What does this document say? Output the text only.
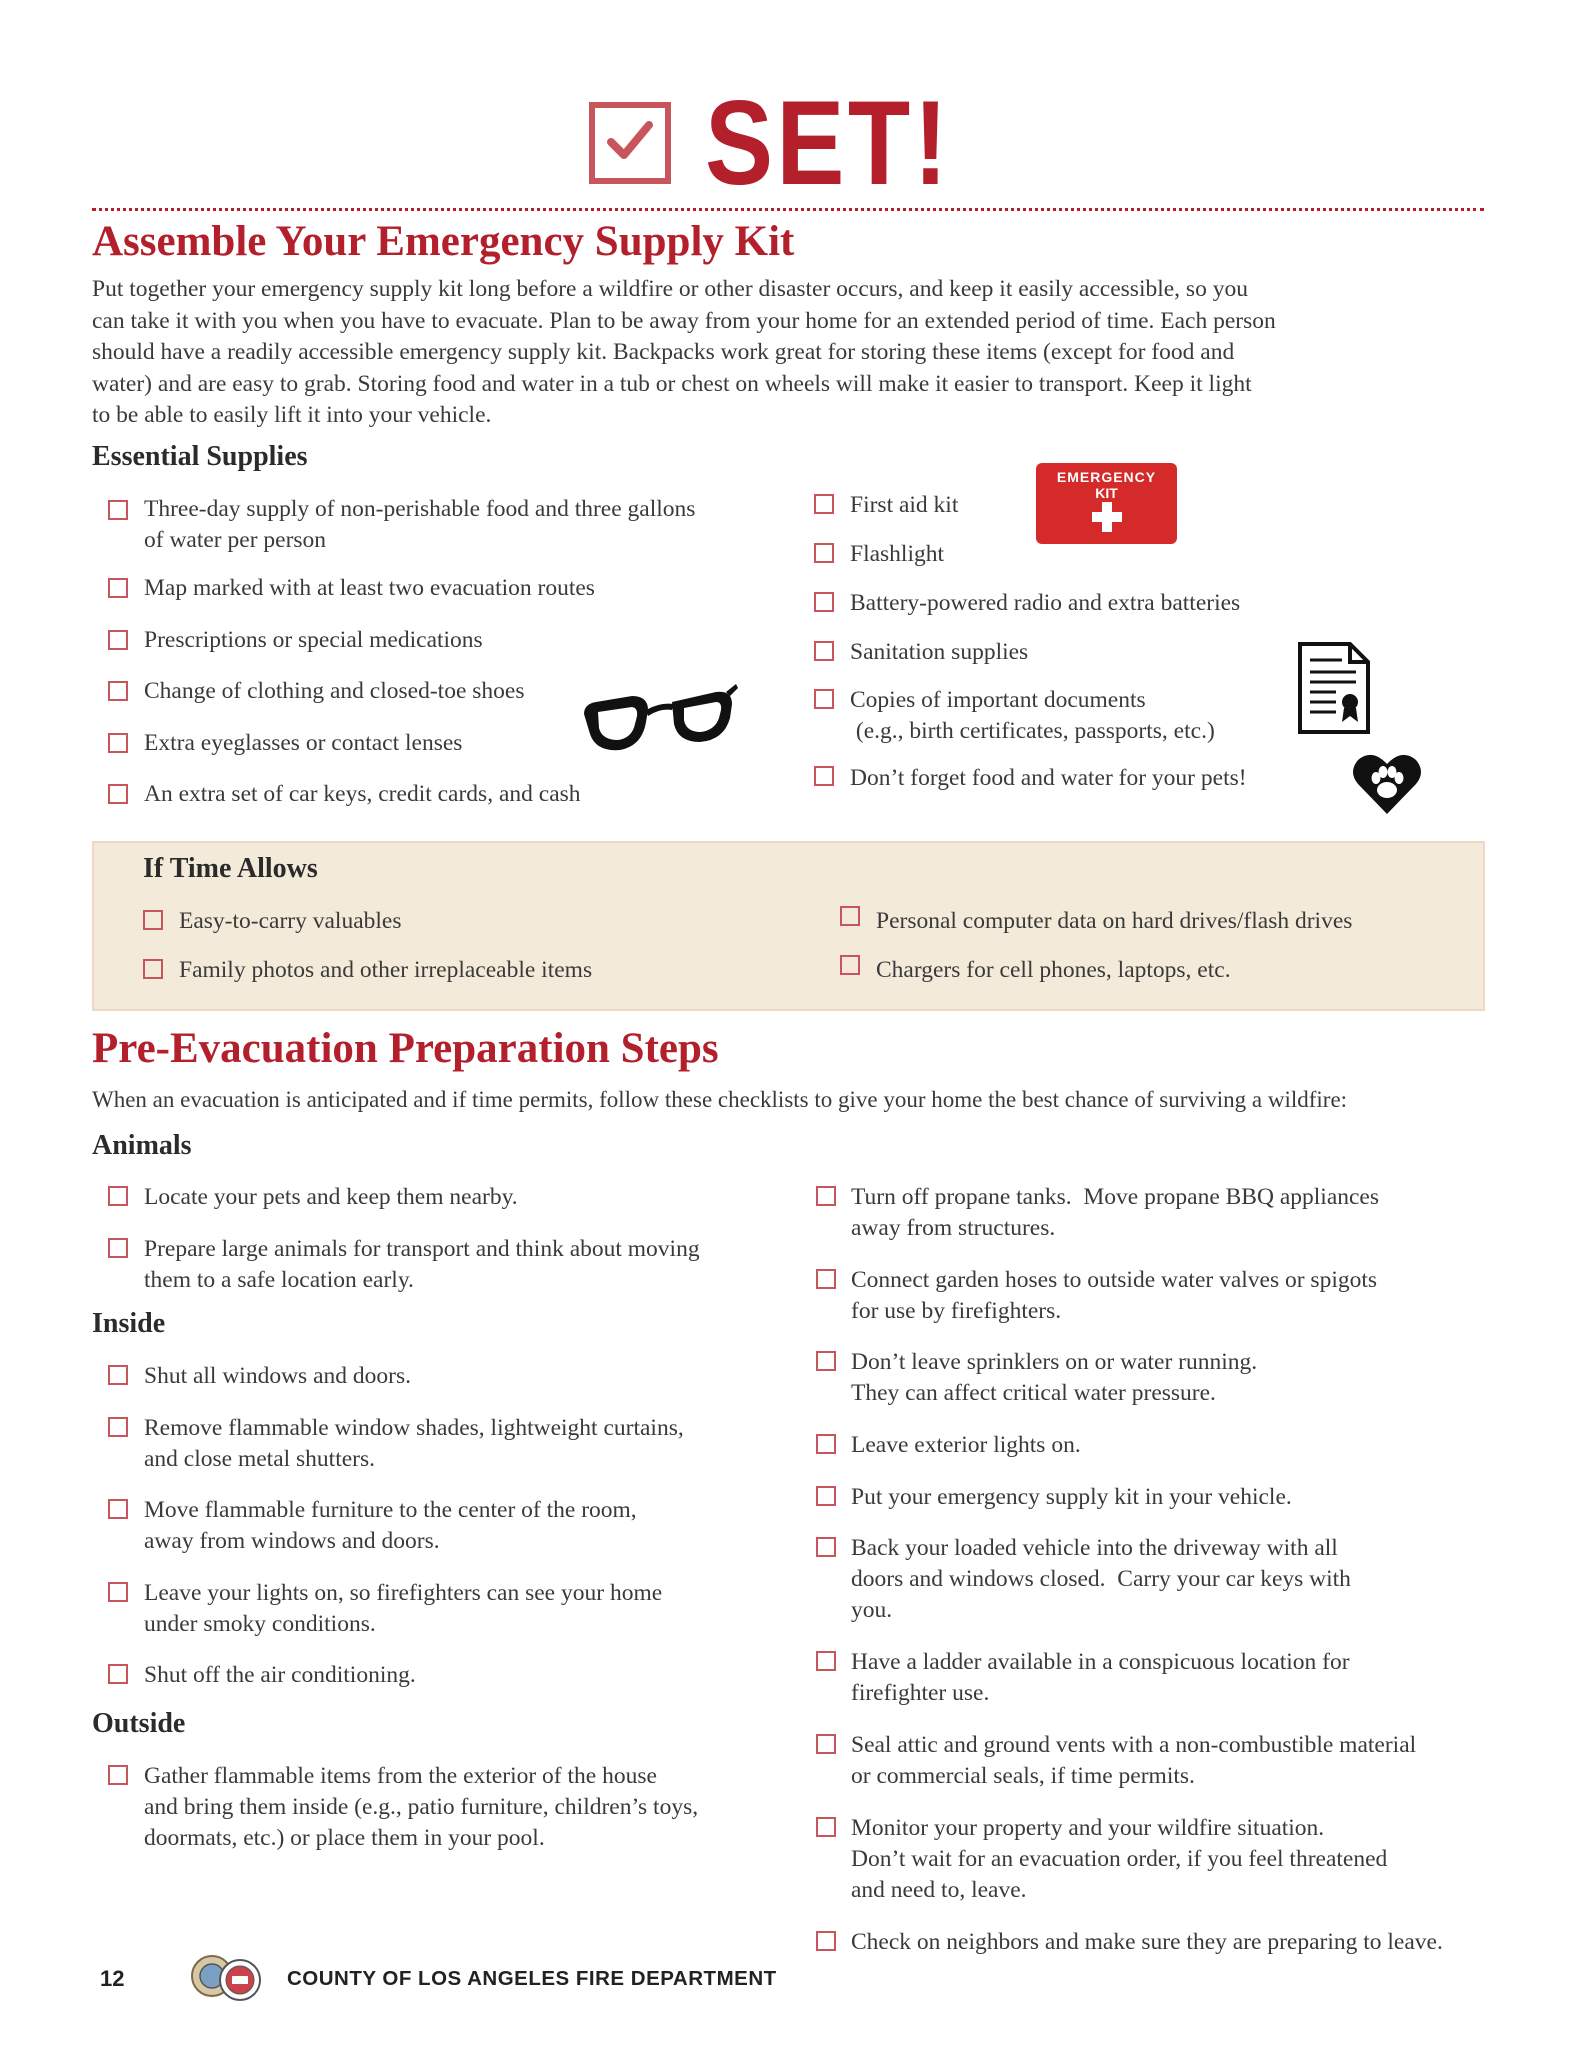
SET!
Assemble Your Emergency Supply Kit
Put together your emergency supply kit long before a wildfire or other disaster occurs, and keep it easily accessible, so you
can take it with you when you have to evacuate. Plan to be away from your home for an extended period of time. Each person
should have a readily accessible emergency supply kit. Backpacks work great for storing these items (except for food and
water) and are easy to grab. Storing food and water in a tub or chest on wheels will make it easier to transport. Keep it light
to be able to easily lift it into your vehicle.
Essential Supplies
Three-day supply of non-perishable food and three gallons
of water per person
Map marked with at least two evacuation routes
Prescriptions or special medications
Change of clothing and closed-toe shoes
Extra eyeglasses or contact lenses
An extra set of car keys, credit cards, and cash
First aid kit
Flashlight
Battery-powered radio and extra batteries
Sanitation supplies
Copies of important documents
(e.g., birth certificates, passports, etc.)
Don’t forget food and water for your pets!
EMERGENCY
KIT
If Time Allows
Easy-to-carry valuables
Family photos and other irreplaceable items
Personal computer data on hard drives/flash drives
Chargers for cell phones, laptops, etc.
Pre-Evacuation Preparation Steps
When an evacuation is anticipated and if time permits, follow these checklists to give your home the best chance of surviving a wildfire:
Animals
Locate your pets and keep them nearby.
Prepare large animals for transport and think about moving
them to a safe location early.
Inside
Shut all windows and doors.
Remove flammable window shades, lightweight curtains,
and close metal shutters.
Move flammable furniture to the center of the room,
away from windows and doors.
Leave your lights on, so firefighters can see your home
under smoky conditions.
Shut off the air conditioning.
Outside
Gather flammable items from the exterior of the house
and bring them inside (e.g., patio furniture, children’s toys,
doormats, etc.) or place them in your pool.
Turn off propane tanks.  Move propane BBQ appliances
away from structures.
Connect garden hoses to outside water valves or spigots
for use by firefighters.
Don’t leave sprinklers on or water running.
They can affect critical water pressure.
Leave exterior lights on.
Put your emergency supply kit in your vehicle.
Back your loaded vehicle into the driveway with all
doors and windows closed.  Carry your car keys with
you.
Have a ladder available in a conspicuous location for
firefighter use.
Seal attic and ground vents with a non-combustible material
or commercial seals, if time permits.
Monitor your property and your wildfire situation.
Don’t wait for an evacuation order, if you feel threatened
and need to, leave.
Check on neighbors and make sure they are preparing to leave.
12	COUNTY OF LOS ANGELES FIRE DEPARTMENT
